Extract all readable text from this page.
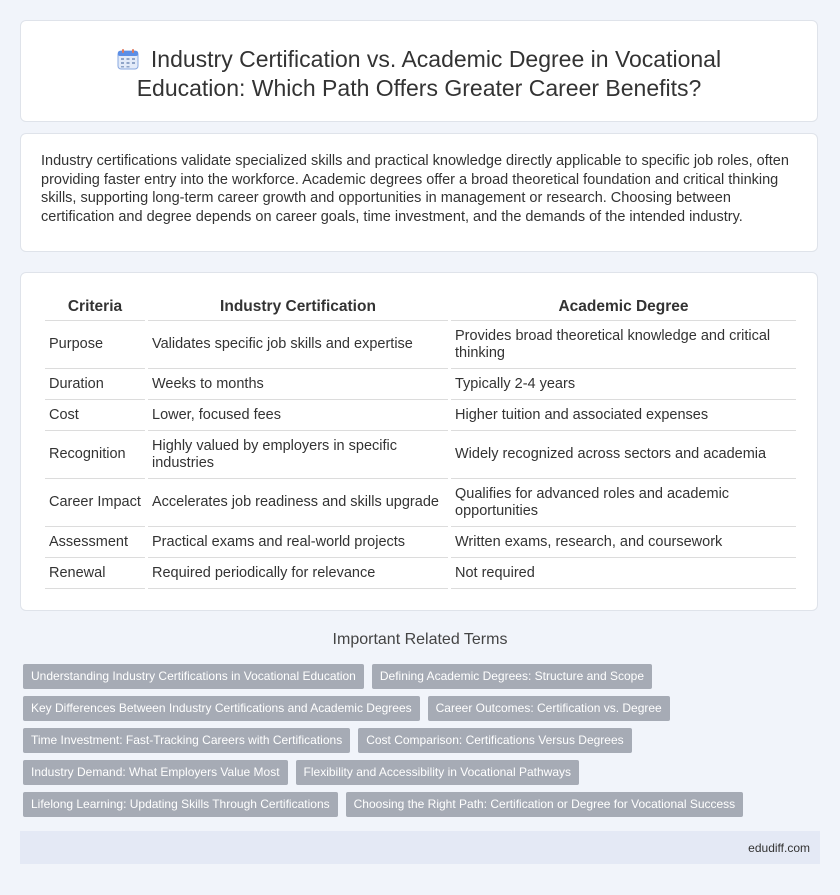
Industry Certification vs. Academic Degree in Vocational
Education: Which Path Offers Greater Career Benefits?

Industry certifications validate specialized skills and practical knowledge directly applicable to specific job roles, often providing faster entry into the workforce. Academic degrees offer a broad theoretical foundation and critical thinking skills, supporting long-term career growth and opportunities in management or research. Choosing between certification and degree depends on career goals, time investment, and the demands of the intended industry.

Criteria	Industry Certification	Academic Degree
Purpose	Validates specific job skills and expertise	Provides broad theoretical knowledge and critical thinking
Duration	Weeks to months	Typically 2-4 years
Cost	Lower, focused fees	Higher tuition and associated expenses
Recognition	Highly valued by employers in specific industries	Widely recognized across sectors and academia
Career Impact	Accelerates job readiness and skills upgrade	Qualifies for advanced roles and academic opportunities
Assessment	Practical exams and real-world projects	Written exams, research, and coursework
Renewal	Required periodically for relevance	Not required
Important Related Terms
Understanding Industry Certifications in Vocational Education	Defining Academic Degrees: Structure and Scope
Key Differences Between Industry Certifications and Academic Degrees	Career Outcomes: Certification vs. Degree
Time Investment: Fast-Tracking Careers with Certifications	Cost Comparison: Certifications Versus Degrees
Industry Demand: What Employers Value Most	Flexibility and Accessibility in Vocational Pathways
Lifelong Learning: Updating Skills Through Certifications	Choosing the Right Path: Certification or Degree for Vocational Success
edudiff.com
